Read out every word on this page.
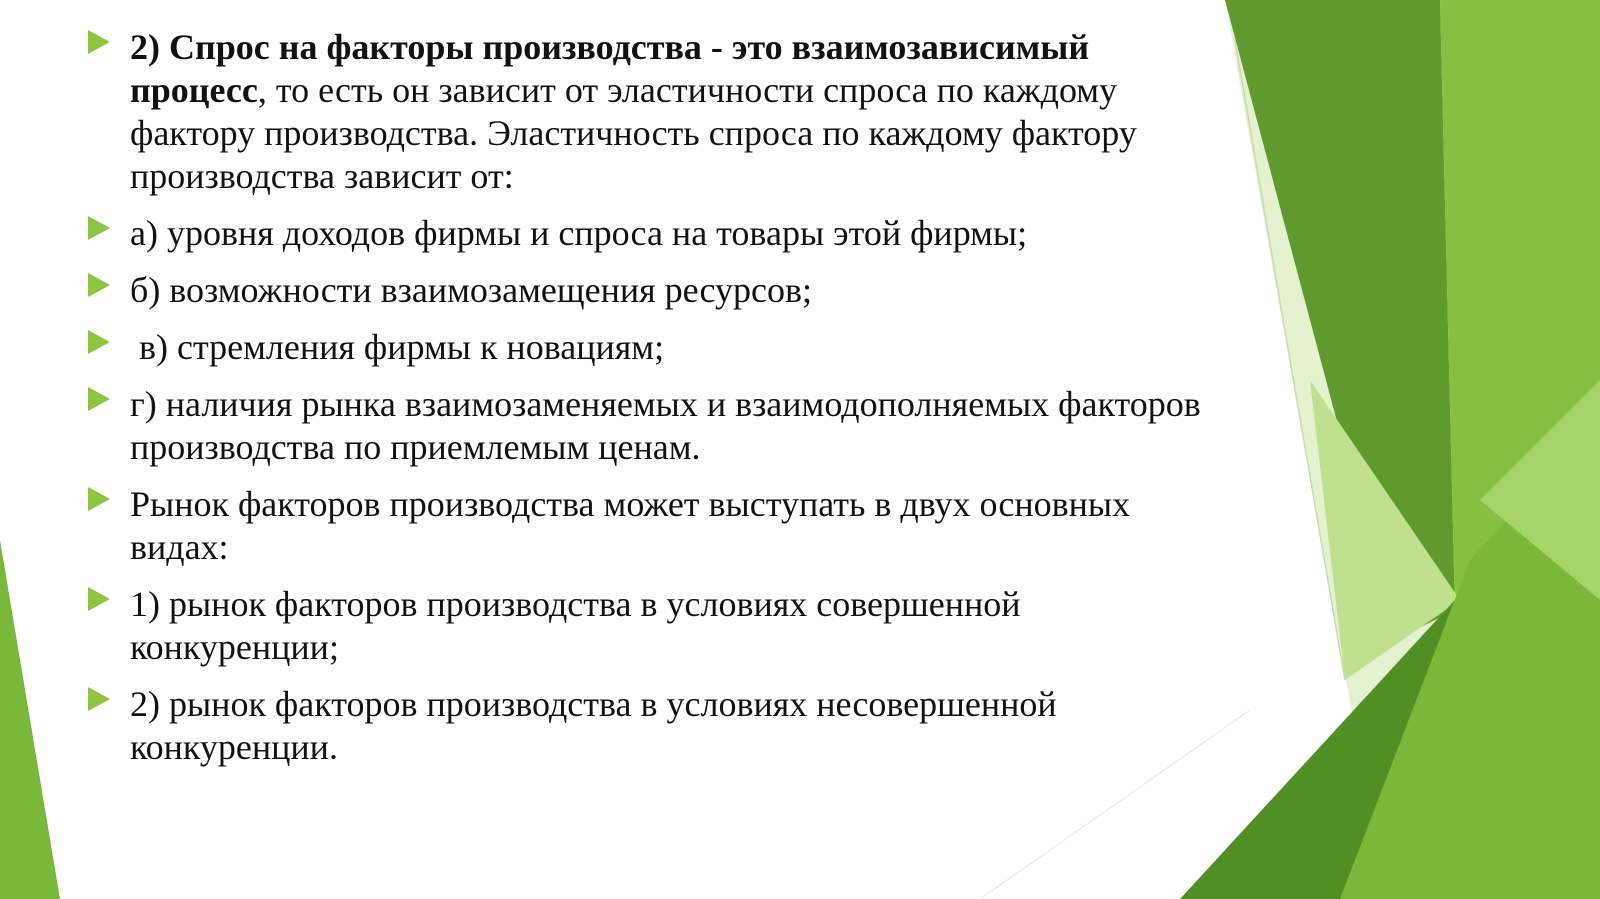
2) Спрос на факторы производства - это взаимозависимый процесс, то есть он зависит от эластичности спроса по каждому фактору производства. Эластичность спроса по каждому фактору производства зависит от:
а) уровня доходов фирмы и спроса на товары этой фирмы;
б) возможности взаимозамещения ресурсов;
в) стремления фирмы к новациям;
г) наличия рынка взаимозаменяемых и взаимодополняемых факторов производства по приемлемым ценам.
Рынок факторов производства может выступать в двух основных видах:
1) рынок факторов производства в условиях совершенной конкуренции;
2) рынок факторов производства в условиях несовершенной конкуренции.
